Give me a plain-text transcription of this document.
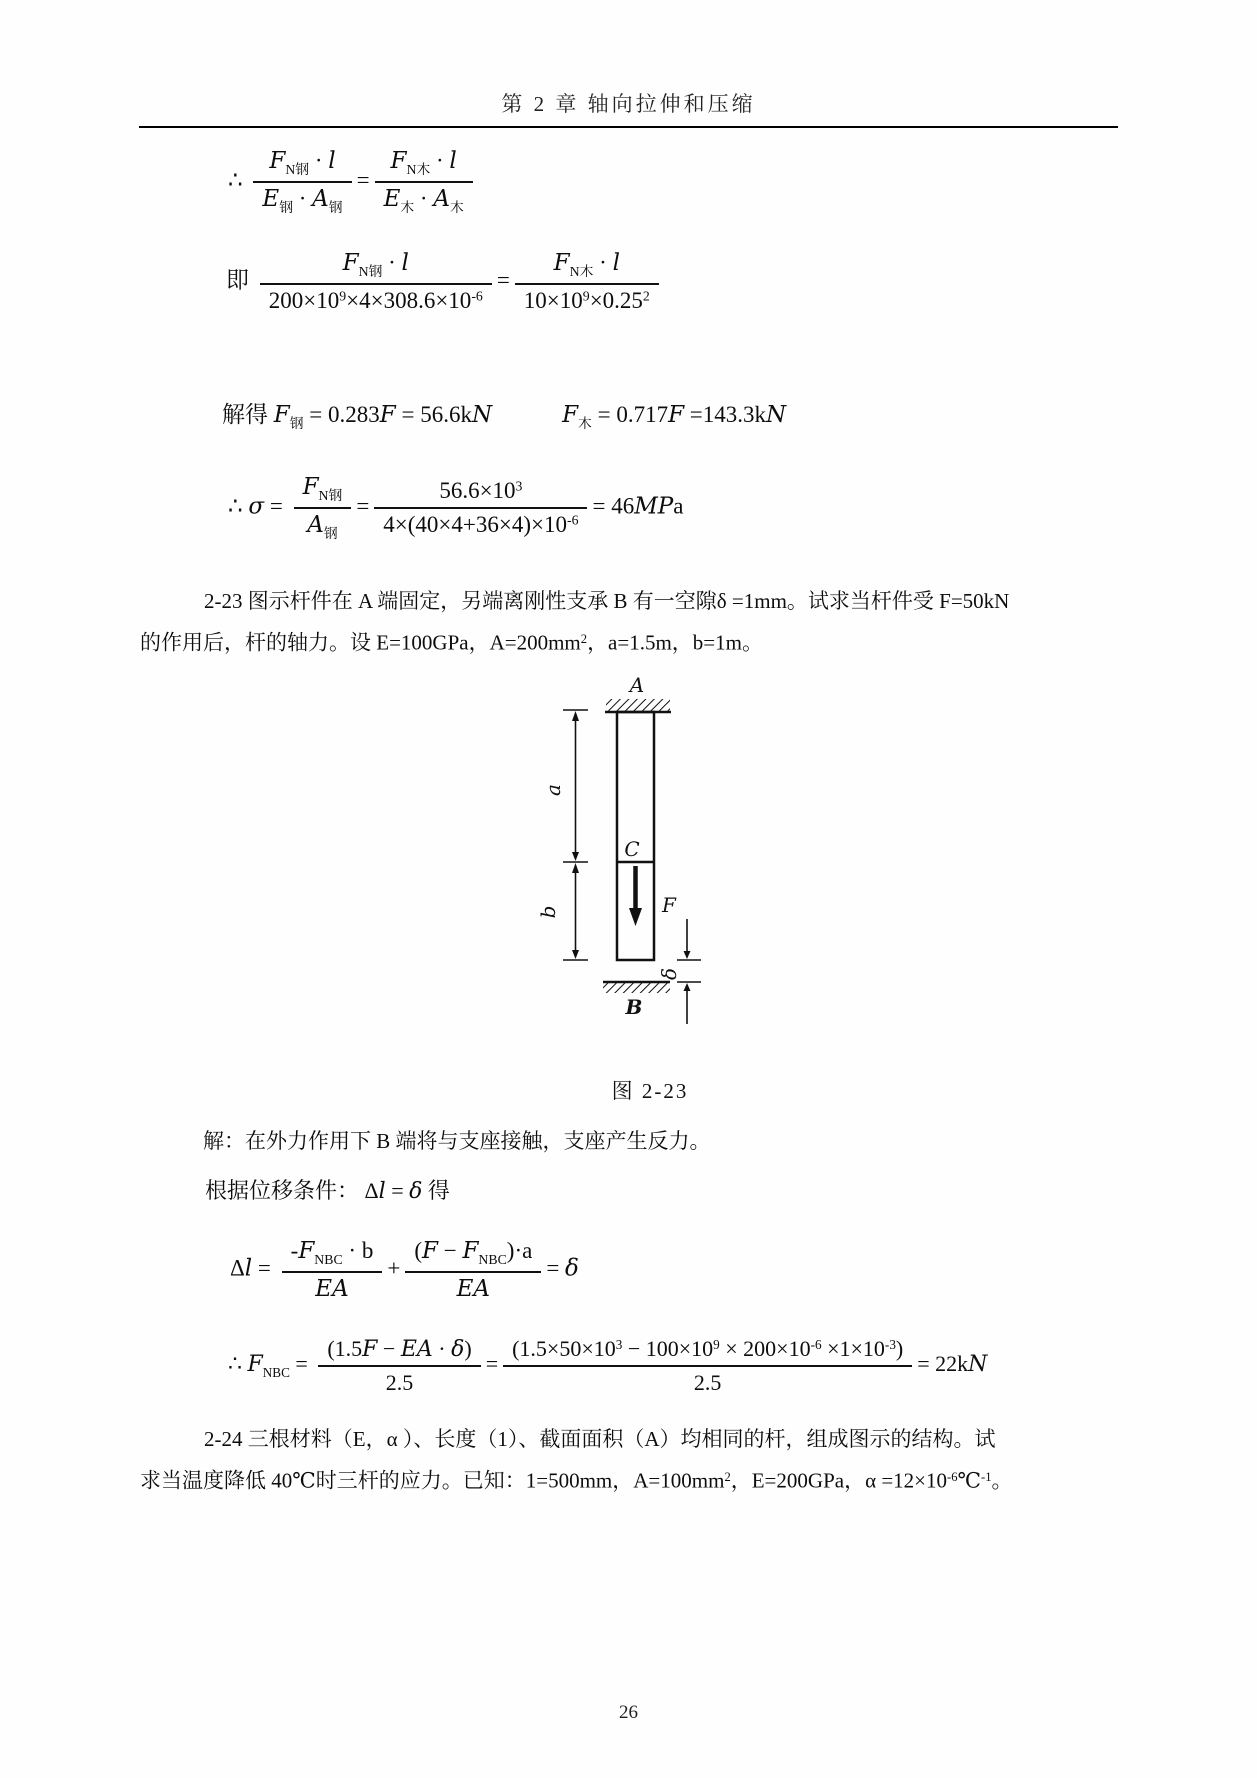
第 2 章 轴向拉伸和压缩
∴ $\frac{F_{N钢} \cdot l}{E_钢 \cdot A_钢} = \frac{F_{N木} \cdot l}{E_木 \cdot A_木}$
即 $\frac{F_{N钢} \cdot l}{200\times 10^9\times 4\times 308.6\times 10^{-6}} = \frac{F_{N木} \cdot l}{10\times 10^9\times 0.25^2}$
解得 $F_钢 = 0.283F = 56.6kN$	$F_木 = 0.717F =143.3kN$
∴ $\sigma = \frac{F_{N钢}}{A_钢} = \frac{56.6\times 10^3}{4\times(40\times 4+36\times 4)\times 10^{-6}} = 46MPa$
2-23 图示杆件在 A 端固定，另端离刚性支承 B 有一空隙δ =1mm。试求当杆件受 F=50kN
的作用后，杆的轴力。设 E=100GPa，$A=200mm^2$，a=1.5m，b=1m。
A
C
F
a
b
B
δ
图 2-23
解：在外力作用下 B 端将与支座接触，支座产生反力。
根据位移条件： Δl = δ 得
$\Delta l = \frac{-F_{NBC} \cdot b}{EA} + \frac{(F - F_{NBC})\cdot a}{EA} = \delta$
∴ $F_{NBC} = \frac{(1.5F - EA \cdot \delta)}{2.5} = \frac{(1.5\times 50\times 10^3 - 100\times 10^9 \times 200\times 10^{-6} \times 1\times 10^{-3})}{2.5} = 22kN$
2-24 三根材料（E，α ）、长度（1）、截面面积（A）均相同的杆，组成图示的结构。试
求当温度降低 40℃时三杆的应力。已知：1=500mm，$A=100mm^2$，E=200GPa，$\alpha =12\times 10^{-6}℃^{-1}$。
26
